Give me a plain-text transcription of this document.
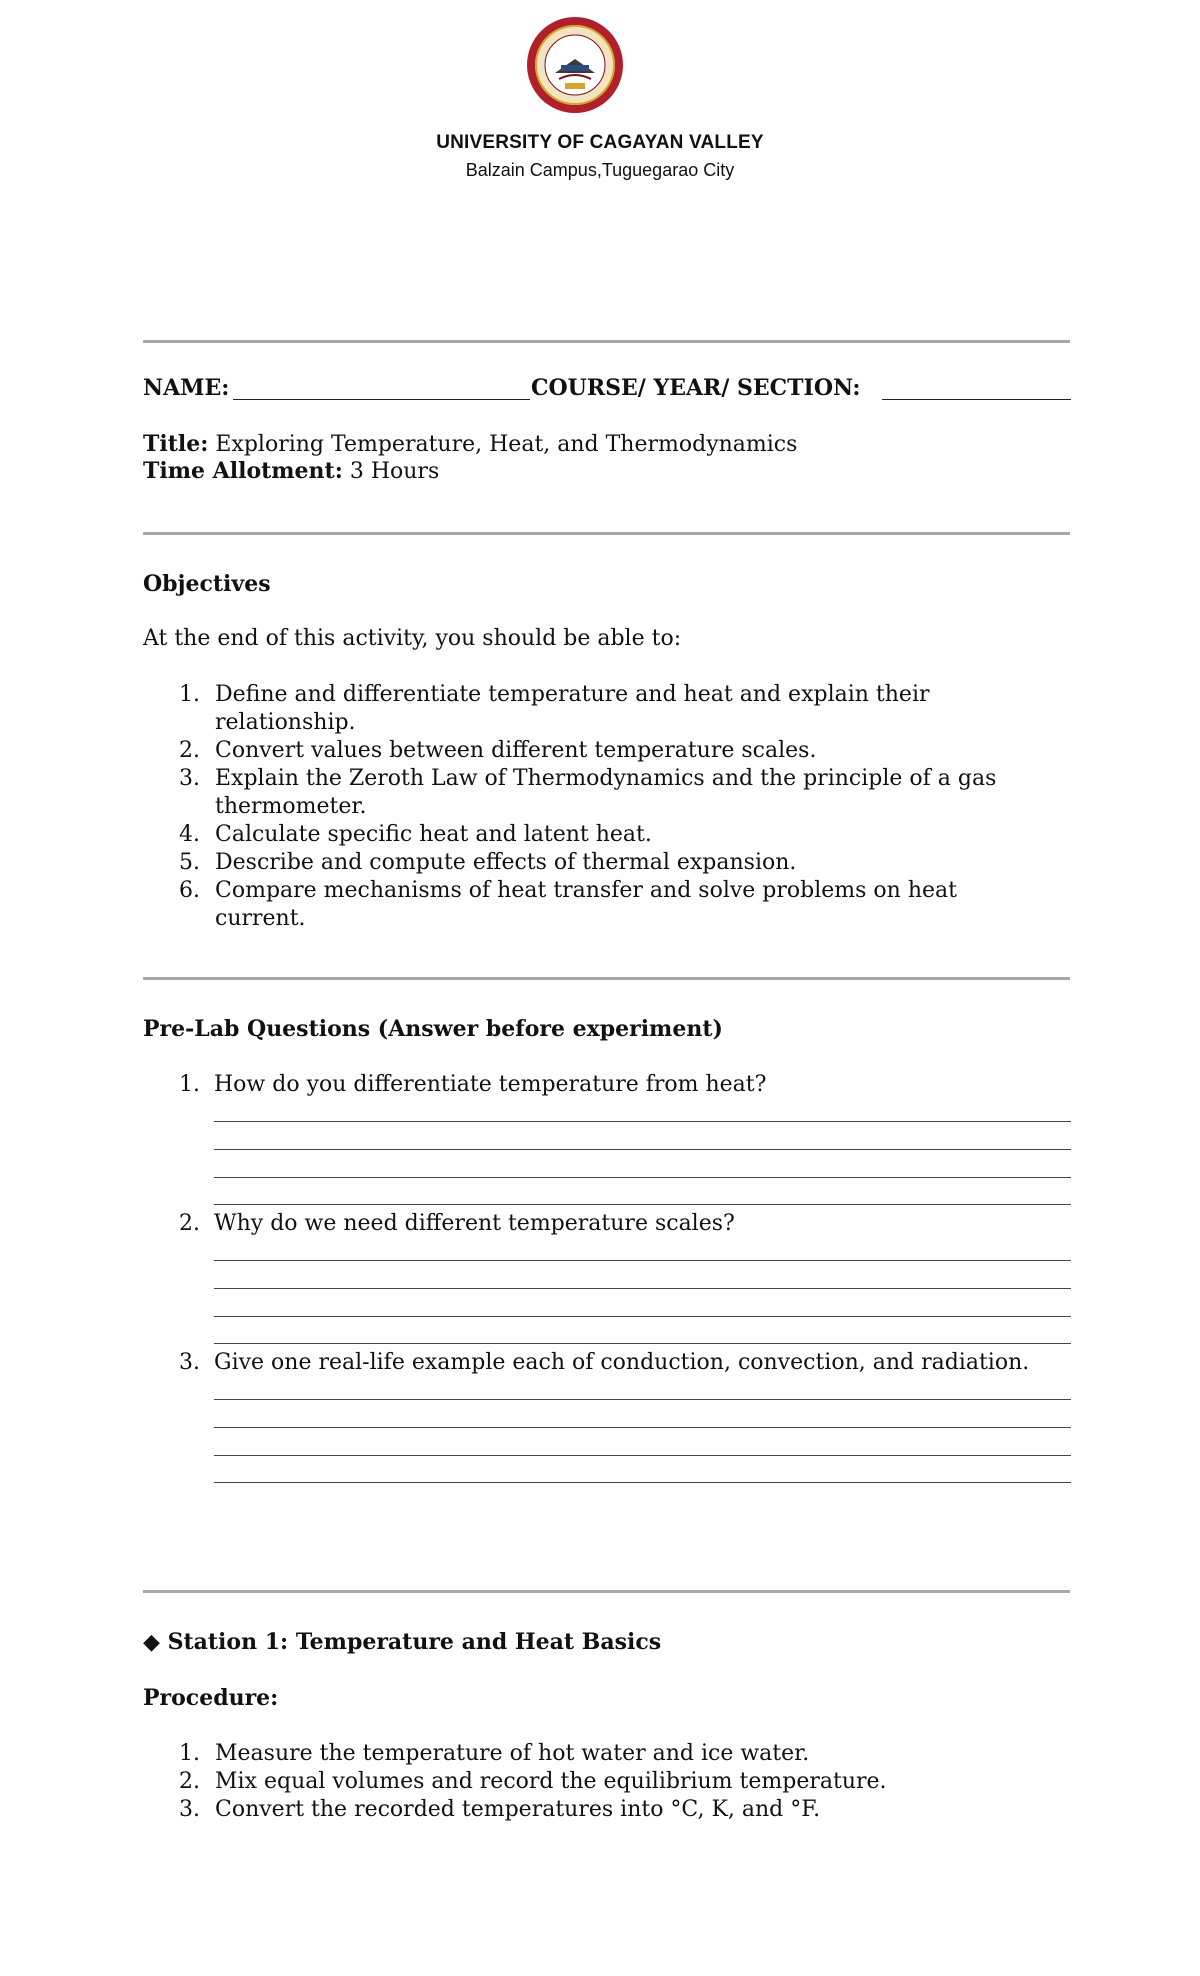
UNIVERSITY OF CAGAYAN VALLEY
Balzain Campus,Tuguegarao City
NAME:	COURSE/ YEAR/ SECTION:
Title: Exploring Temperature, Heat, and Thermodynamics
Time Allotment: 3 Hours
Objectives
At the end of this activity, you should be able to:
1. Define and differentiate temperature and heat and explain their
relationship.
2. Convert values between different temperature scales.
3. Explain the Zeroth Law of Thermodynamics and the principle of a gas
thermometer.
4. Calculate specific heat and latent heat.
5. Describe and compute effects of thermal expansion.
6. Compare mechanisms of heat transfer and solve problems on heat
current.
Pre-Lab Questions (Answer before experiment)
1. How do you differentiate temperature from heat?
2. Why do we need different temperature scales?
3. Give one real-life example each of conduction, convection, and radiation.
◆ Station 1: Temperature and Heat Basics
Procedure:
1. Measure the temperature of hot water and ice water.
2. Mix equal volumes and record the equilibrium temperature.
3. Convert the recorded temperatures into °C, K, and °F.
